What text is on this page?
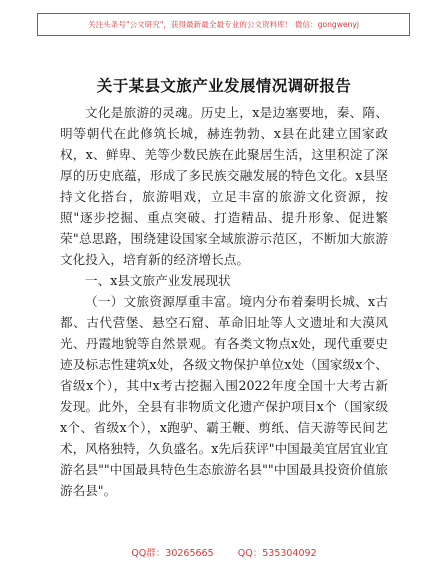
关注头条号"公文研究"，获得最新最全最专业的公文资料库！ 微信：gongwenyj
关于某县文旅产业发展情况调研报告

文化是旅游的灵魂。历史上，x是边塞要地，秦、隋、明等朝代在此修筑长城，赫连勃勃、x县在此建立国家政权，x、鲜卑、羌等少数民族在此聚居生活，这里积淀了深厚的历史底蕴，形成了多民族交融发展的特色文化。x县坚持文化搭台，旅游唱戏，立足丰富的旅游文化资源，按照"逐步挖掘、重点突破、打造精品、提升形象、促进繁荣"总思路，围绕建设国家全域旅游示范区，不断加大旅游文化投入，培育新的经济增长点。

一、x县文旅产业发展现状

（一）文旅资源厚重丰富。境内分布着秦明长城、x古都、古代营堡、悬空石窟、革命旧址等人文遗址和大漠风光、丹霞地貌等自然景观。有各类文物点x处，现代重要史迹及标志性建筑x处，各级文物保护单位x处（国家级x个、省级x个），其中x考古挖掘入围2022年度全国十大考古新发现。此外，全县有非物质文化遗产保护项目x个（国家级x个、省级x个），x跑驴、霸王鞭、剪纸、信天游等民间艺术，风格独特，久负盛名。x先后获评"中国最美宜居宜业宜游名县""中国最具特色生态旅游名县""中国最具投资价值旅游名县"。

QQ群：30265665        QQ：535304092
